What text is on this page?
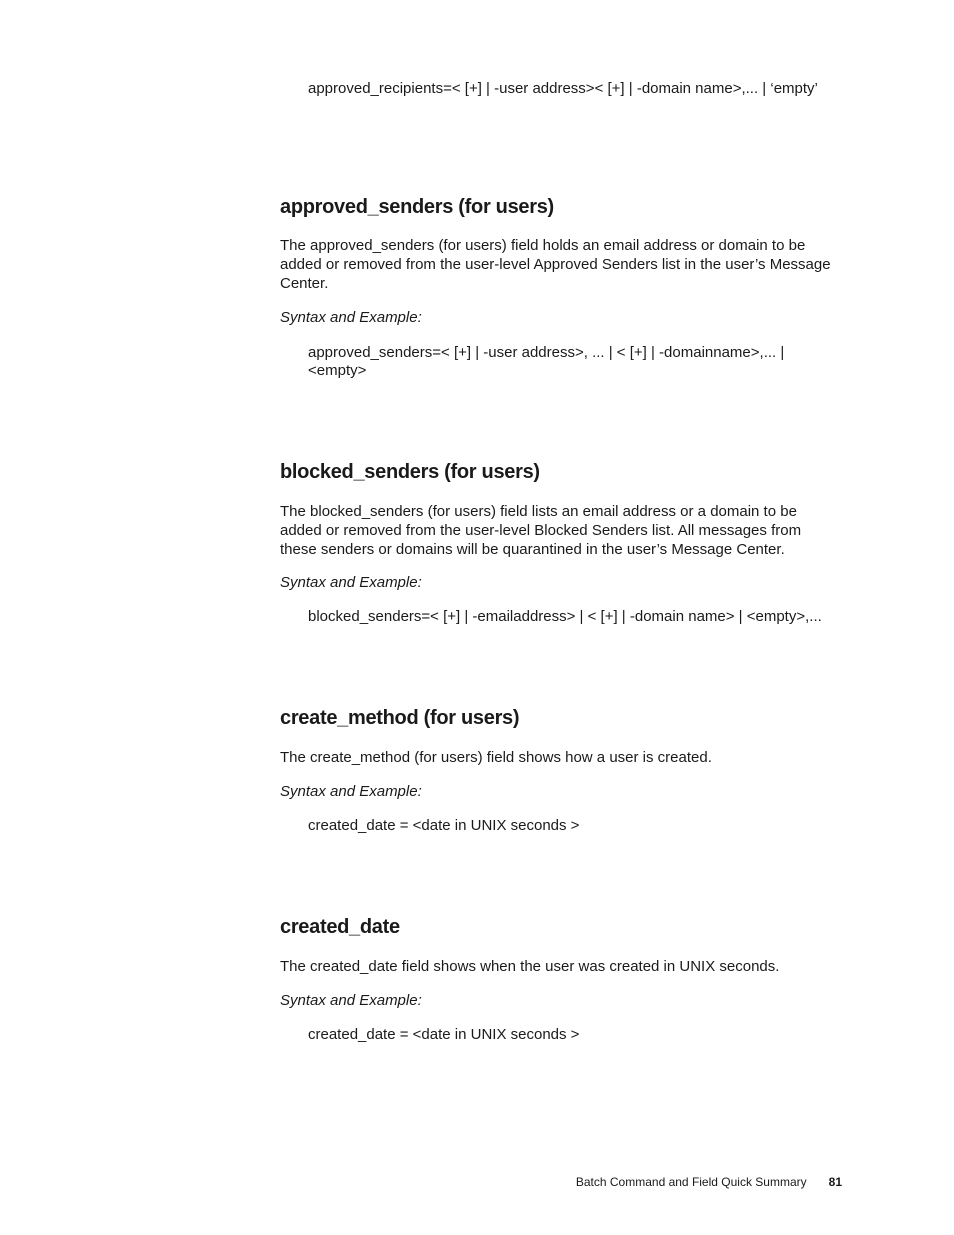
approved_recipients=< [+] | -user address>< [+] | -domain name>,... | ‘empty’
approved_senders (for users)

The approved_senders (for users) field holds an email address or domain to be added or removed from the user-level Approved Senders list in the user’s Message Center.

Syntax and Example:

approved_senders=< [+] | -user address>, ... | < [+] | -domainname>,... | <empty>
blocked_senders (for users)

The blocked_senders (for users) field lists an email address or a domain to be added or removed from the user-level Blocked Senders list. All messages from these senders or domains will be quarantined in the user’s Message Center.

Syntax and Example:

blocked_senders=< [+] | -emailaddress> | < [+] | -domain name> | <empty>,...
create_method (for users)

The create_method (for users) field shows how a user is created.

Syntax and Example:

created_date = <date in UNIX seconds >
created_date

The created_date field shows when the user was created in UNIX seconds.

Syntax and Example:

created_date = <date in UNIX seconds >
Batch Command and Field Quick Summary 81
